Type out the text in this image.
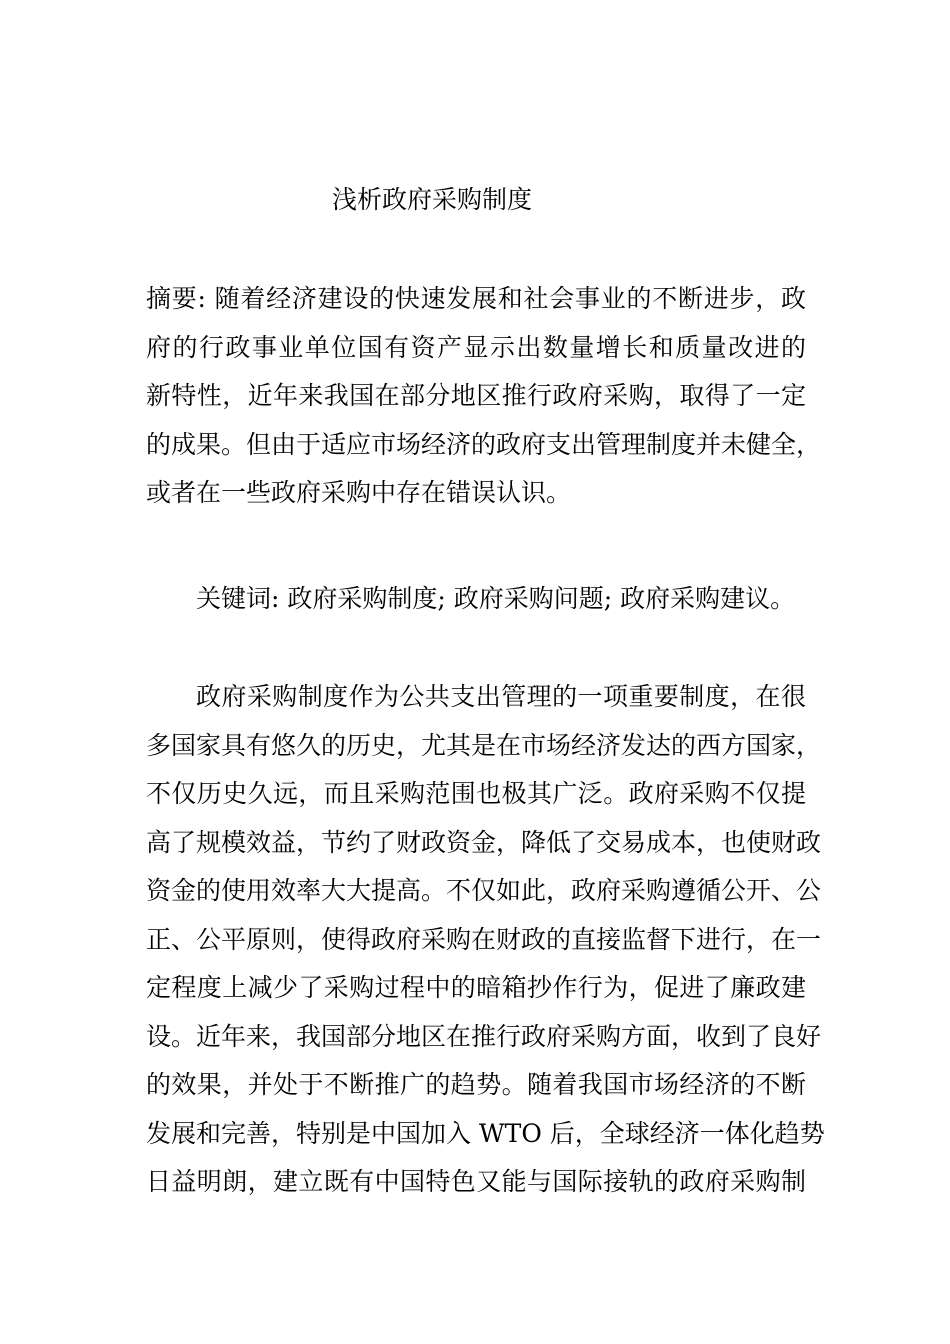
浅析政府采购制度
摘要: 随着经济建设的快速发展和社会事业的不断进步，政
府的行政事业单位国有资产显示出数量增长和质量改进的
新特性，近年来我国在部分地区推行政府采购，取得了一定
的成果。但由于适应市场经济的政府支出管理制度并未健全，
或者在一些政府采购中存在错误认识。
关键词: 政府采购制度; 政府采购问题; 政府采购建议。
政府采购制度作为公共支出管理的一项重要制度，在很
多国家具有悠久的历史，尤其是在市场经济发达的西方国家，
不仅历史久远，而且采购范围也极其广泛。政府采购不仅提
高了规模效益，节约了财政资金，降低了交易成本，也使财政
资金的使用效率大大提高。不仅如此，政府采购遵循公开、公
正、公平原则，使得政府采购在财政的直接监督下进行，在一
定程度上减少了采购过程中的暗箱抄作行为，促进了廉政建
设。近年来，我国部分地区在推行政府采购方面，收到了良好
的效果，并处于不断推广的趋势。随着我国市场经济的不断
发展和完善，特别是中国加入 WTO 后，全球经济一体化趋势
日益明朗，建立既有中国特色又能与国际接轨的政府采购制
